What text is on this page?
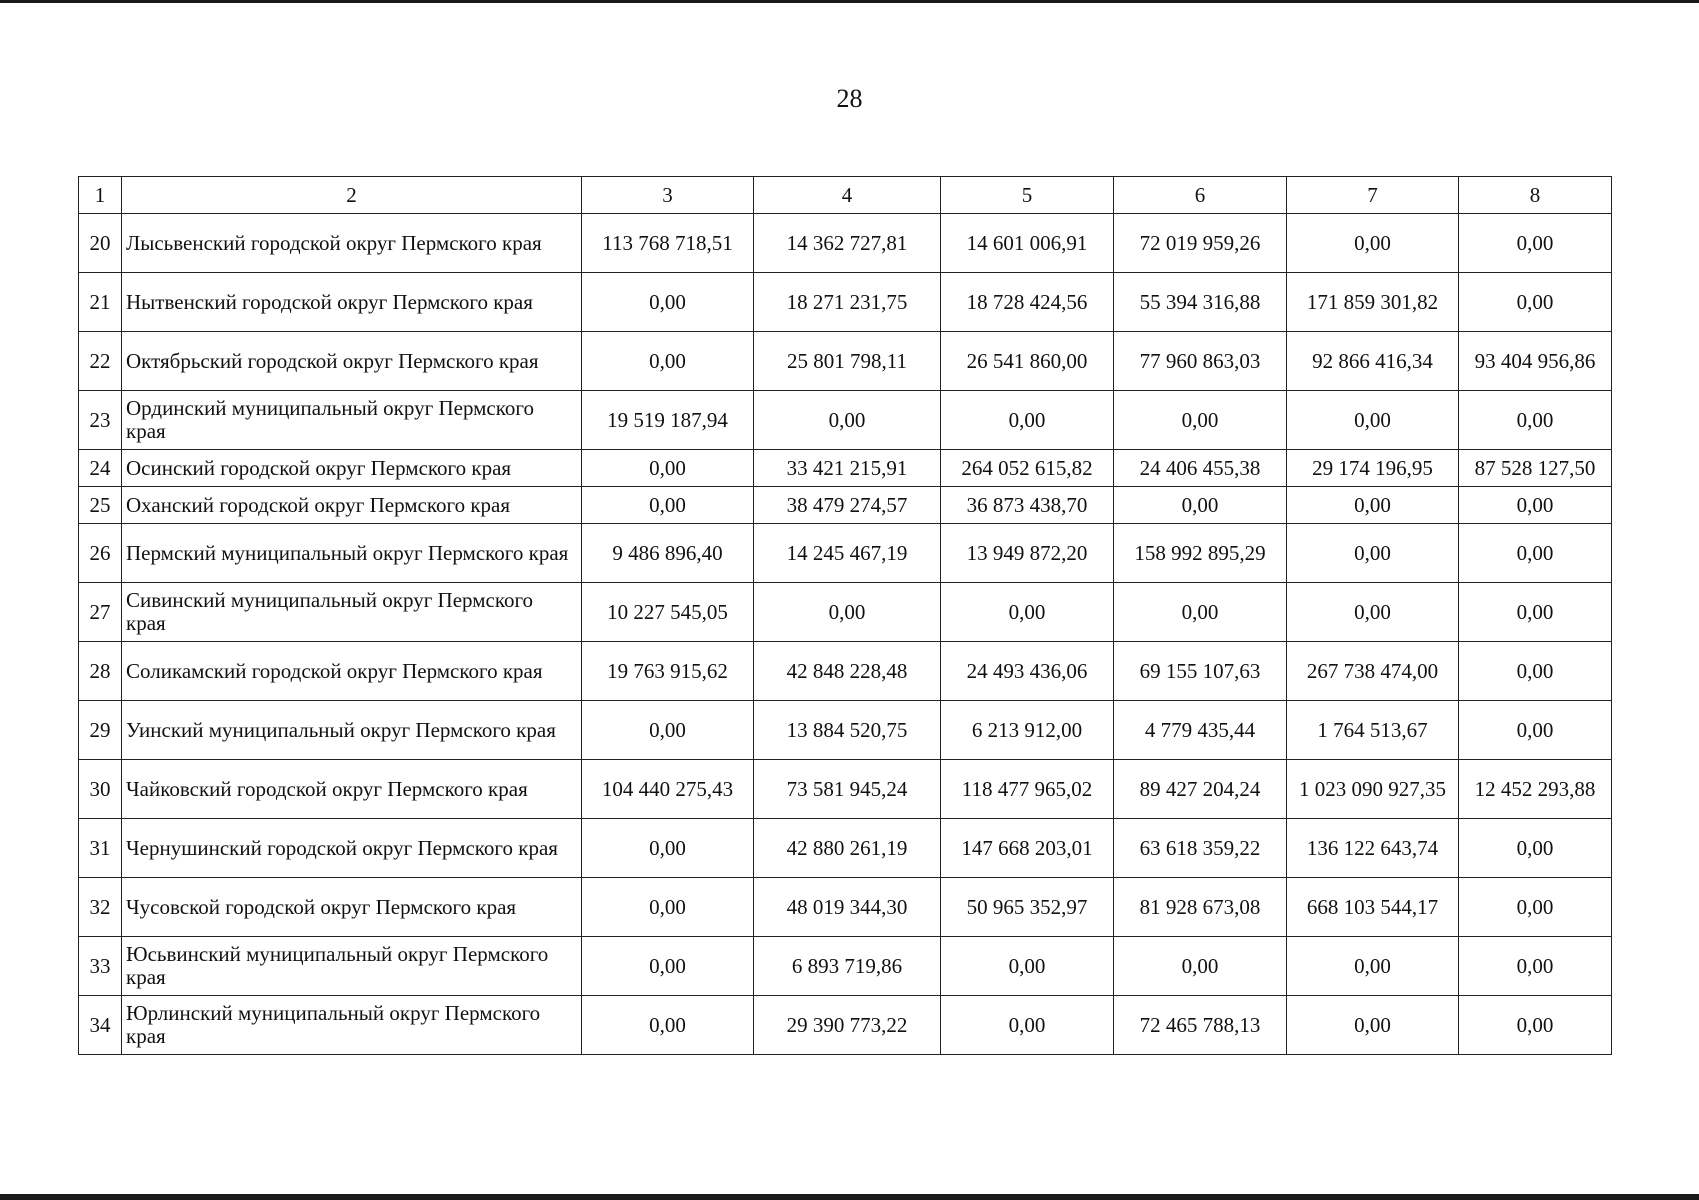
28
1	2	3	4	5	6	7	8
20	Лысьвенский городской округ Пермского края	113 768 718,51	14 362 727,81	14 601 006,91	72 019 959,26	0,00	0,00
21	Нытвенский городской округ Пермского края	0,00	18 271 231,75	18 728 424,56	55 394 316,88	171 859 301,82	0,00
22	Октябрьский городской округ Пермского края	0,00	25 801 798,11	26 541 860,00	77 960 863,03	92 866 416,34	93 404 956,86
23	Ординский муниципальный округ Пермского края	19 519 187,94	0,00	0,00	0,00	0,00	0,00
24	Осинский городской округ Пермского края	0,00	33 421 215,91	264 052 615,82	24 406 455,38	29 174 196,95	87 528 127,50
25	Оханский городской округ Пермского края	0,00	38 479 274,57	36 873 438,70	0,00	0,00	0,00
26	Пермский муниципальный округ Пермского края	9 486 896,40	14 245 467,19	13 949 872,20	158 992 895,29	0,00	0,00
27	Сивинский муниципальный округ Пермского края	10 227 545,05	0,00	0,00	0,00	0,00	0,00
28	Соликамский городской округ Пермского края	19 763 915,62	42 848 228,48	24 493 436,06	69 155 107,63	267 738 474,00	0,00
29	Уинский муниципальный округ Пермского края	0,00	13 884 520,75	6 213 912,00	4 779 435,44	1 764 513,67	0,00
30	Чайковский городской округ Пермского края	104 440 275,43	73 581 945,24	118 477 965,02	89 427 204,24	1 023 090 927,35	12 452 293,88
31	Чернушинский городской округ Пермского края	0,00	42 880 261,19	147 668 203,01	63 618 359,22	136 122 643,74	0,00
32	Чусовской городской округ Пермского края	0,00	48 019 344,30	50 965 352,97	81 928 673,08	668 103 544,17	0,00
33	Юсьвинский муниципальный округ Пермского края	0,00	6 893 719,86	0,00	0,00	0,00	0,00
34	Юрлинский муниципальный округ Пермского края	0,00	29 390 773,22	0,00	72 465 788,13	0,00	0,00
